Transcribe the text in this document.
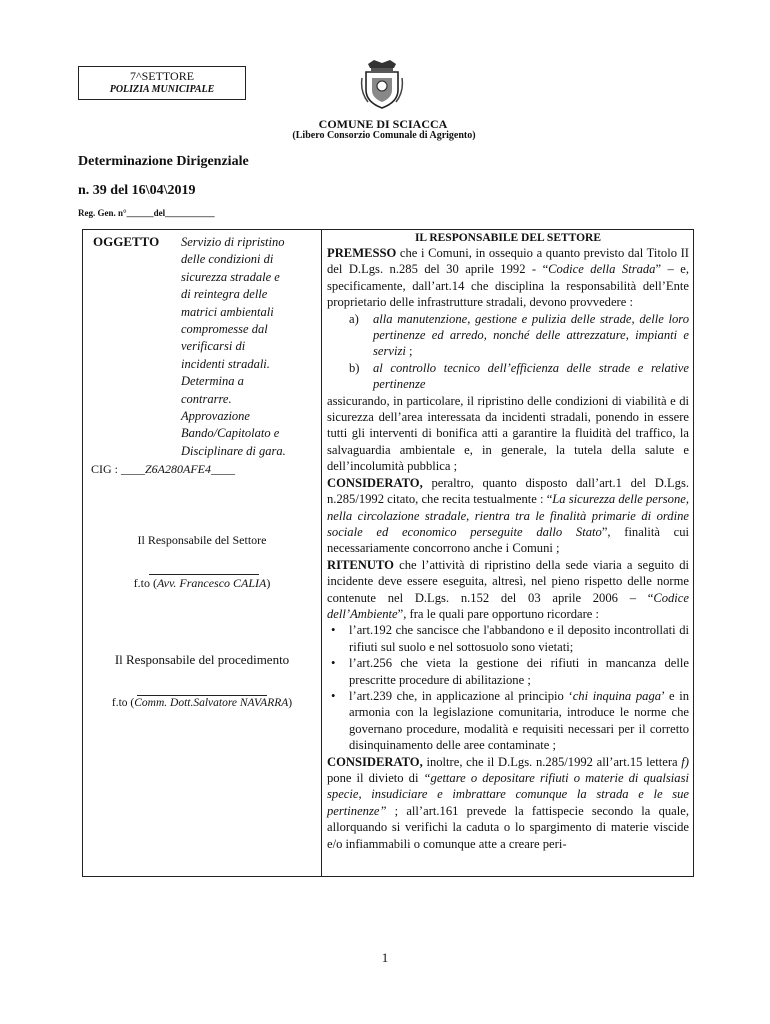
7^SETTORE
POLIZIA MUNICIPALE
COMUNE DI SCIACCA
(Libero Consorzio Comunale di Agrigento)
Determinazione Dirigenziale
n. 39 del 16\04\2019
Reg. Gen. n°______del___________
OGGETTO Servizio di ripristino
delle condizioni di
sicurezza stradale e
di reintegra delle
matrici ambientali
compromesse dal
verificarsi di
incidenti stradali.
Determina a
contrarre.
Approvazione
Bando/Capitolato e
Disciplinare di gara.
CIG : ____Z6A280AFE4____
Il Responsabile del Settore
f.to (Avv. Francesco CALIA)
Il Responsabile del procedimento
f.to (Comm. Dott.Salvatore NAVARRA)

IL RESPONSABILE DEL SETTORE

PREMESSO che i Comuni, in ossequio a quanto previsto dal Titolo II del D.Lgs. n.285 del 30 aprile 1992 - “Codice della Strada” – e, specificamente, dall’art.14 che disciplina la responsabilità dell’Ente proprietario delle infrastrutture stradali, devono provvedere :

a) alla manutenzione, gestione e pulizia delle strade, delle loro pertinenze ed arredo, nonché delle attrezzature, impianti e servizi ;
b) al controllo tecnico dell’efficienza delle strade e relative pertinenze

assicurando, in particolare, il ripristino delle condizioni di viabilità e di sicurezza dell’area interessata da incidenti stradali, ponendo in essere tutti gli interventi di bonifica atti a garantire la fluidità del traffico, la salvaguardia ambientale e, in generale, la tutela della salute e dell’incolumità pubblica ;

CONSIDERATO, peraltro, quanto disposto dall’art.1 del D.Lgs. n.285/1992 citato, che recita testualmente : “La sicurezza delle persone, nella circolazione stradale, rientra tra le finalità primarie di ordine sociale ed economico perseguite dallo Stato”, finalità cui necessariamente concorrono anche i Comuni ;

RITENUTO che l’attività di ripristino della sede viaria a seguito di incidente deve essere eseguita, altresì, nel pieno rispetto delle norme contenute nel D.Lgs. n.152 del 03 aprile 2006 – “Codice dell’Ambiente”, fra le quali pare opportuno ricordare :

• l’art.192 che sancisce che l'abbandono e il deposito incontrollati di rifiuti sul suolo e nel sottosuolo sono vietati;
• l’art.256 che vieta la gestione dei rifiuti in mancanza delle prescritte procedure di abilitazione ;
• l’art.239 che, in applicazione al principio ‘chi inquina paga’ e in armonia con la legislazione comunitaria, introduce le norme che governano procedure, modalità e requisiti necessari per il corretto disinquinamento delle aree contaminate ;

CONSIDERATO, inoltre, che il D.Lgs. n.285/1992 all’art.15 lettera f) pone il divieto di “gettare o depositare rifiuti o materie di qualsiasi specie, insudiciare e imbrattare comunque la strada e le sue pertinenze” ; all’art.161 prevede la fattispecie secondo la quale, allorquando si verifichi la caduta o lo spargimento di materie viscide e/o infiammabili o comunque atte a creare peri-

1
